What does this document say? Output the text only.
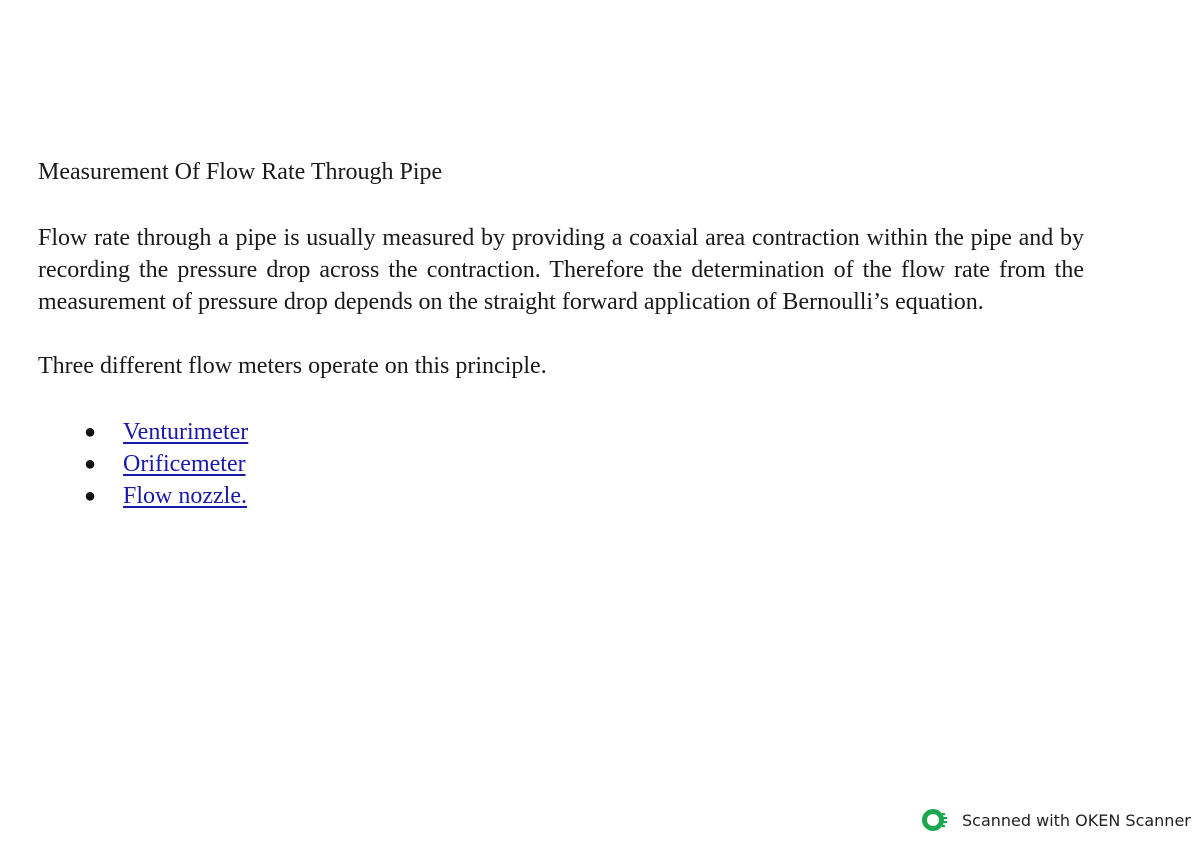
Measurement Of Flow Rate Through Pipe

Flow rate through a pipe is usually measured by providing a coaxial area contraction within the pipe and by recording the pressure drop across the contraction. Therefore the determination of the flow rate from the measurement of pressure drop depends on the straight forward application of Bernoulli’s equation.

Three different flow meters operate on this principle.

● Venturimeter
● Orificemeter
● Flow nozzle.
Scanned with OKEN Scanner
